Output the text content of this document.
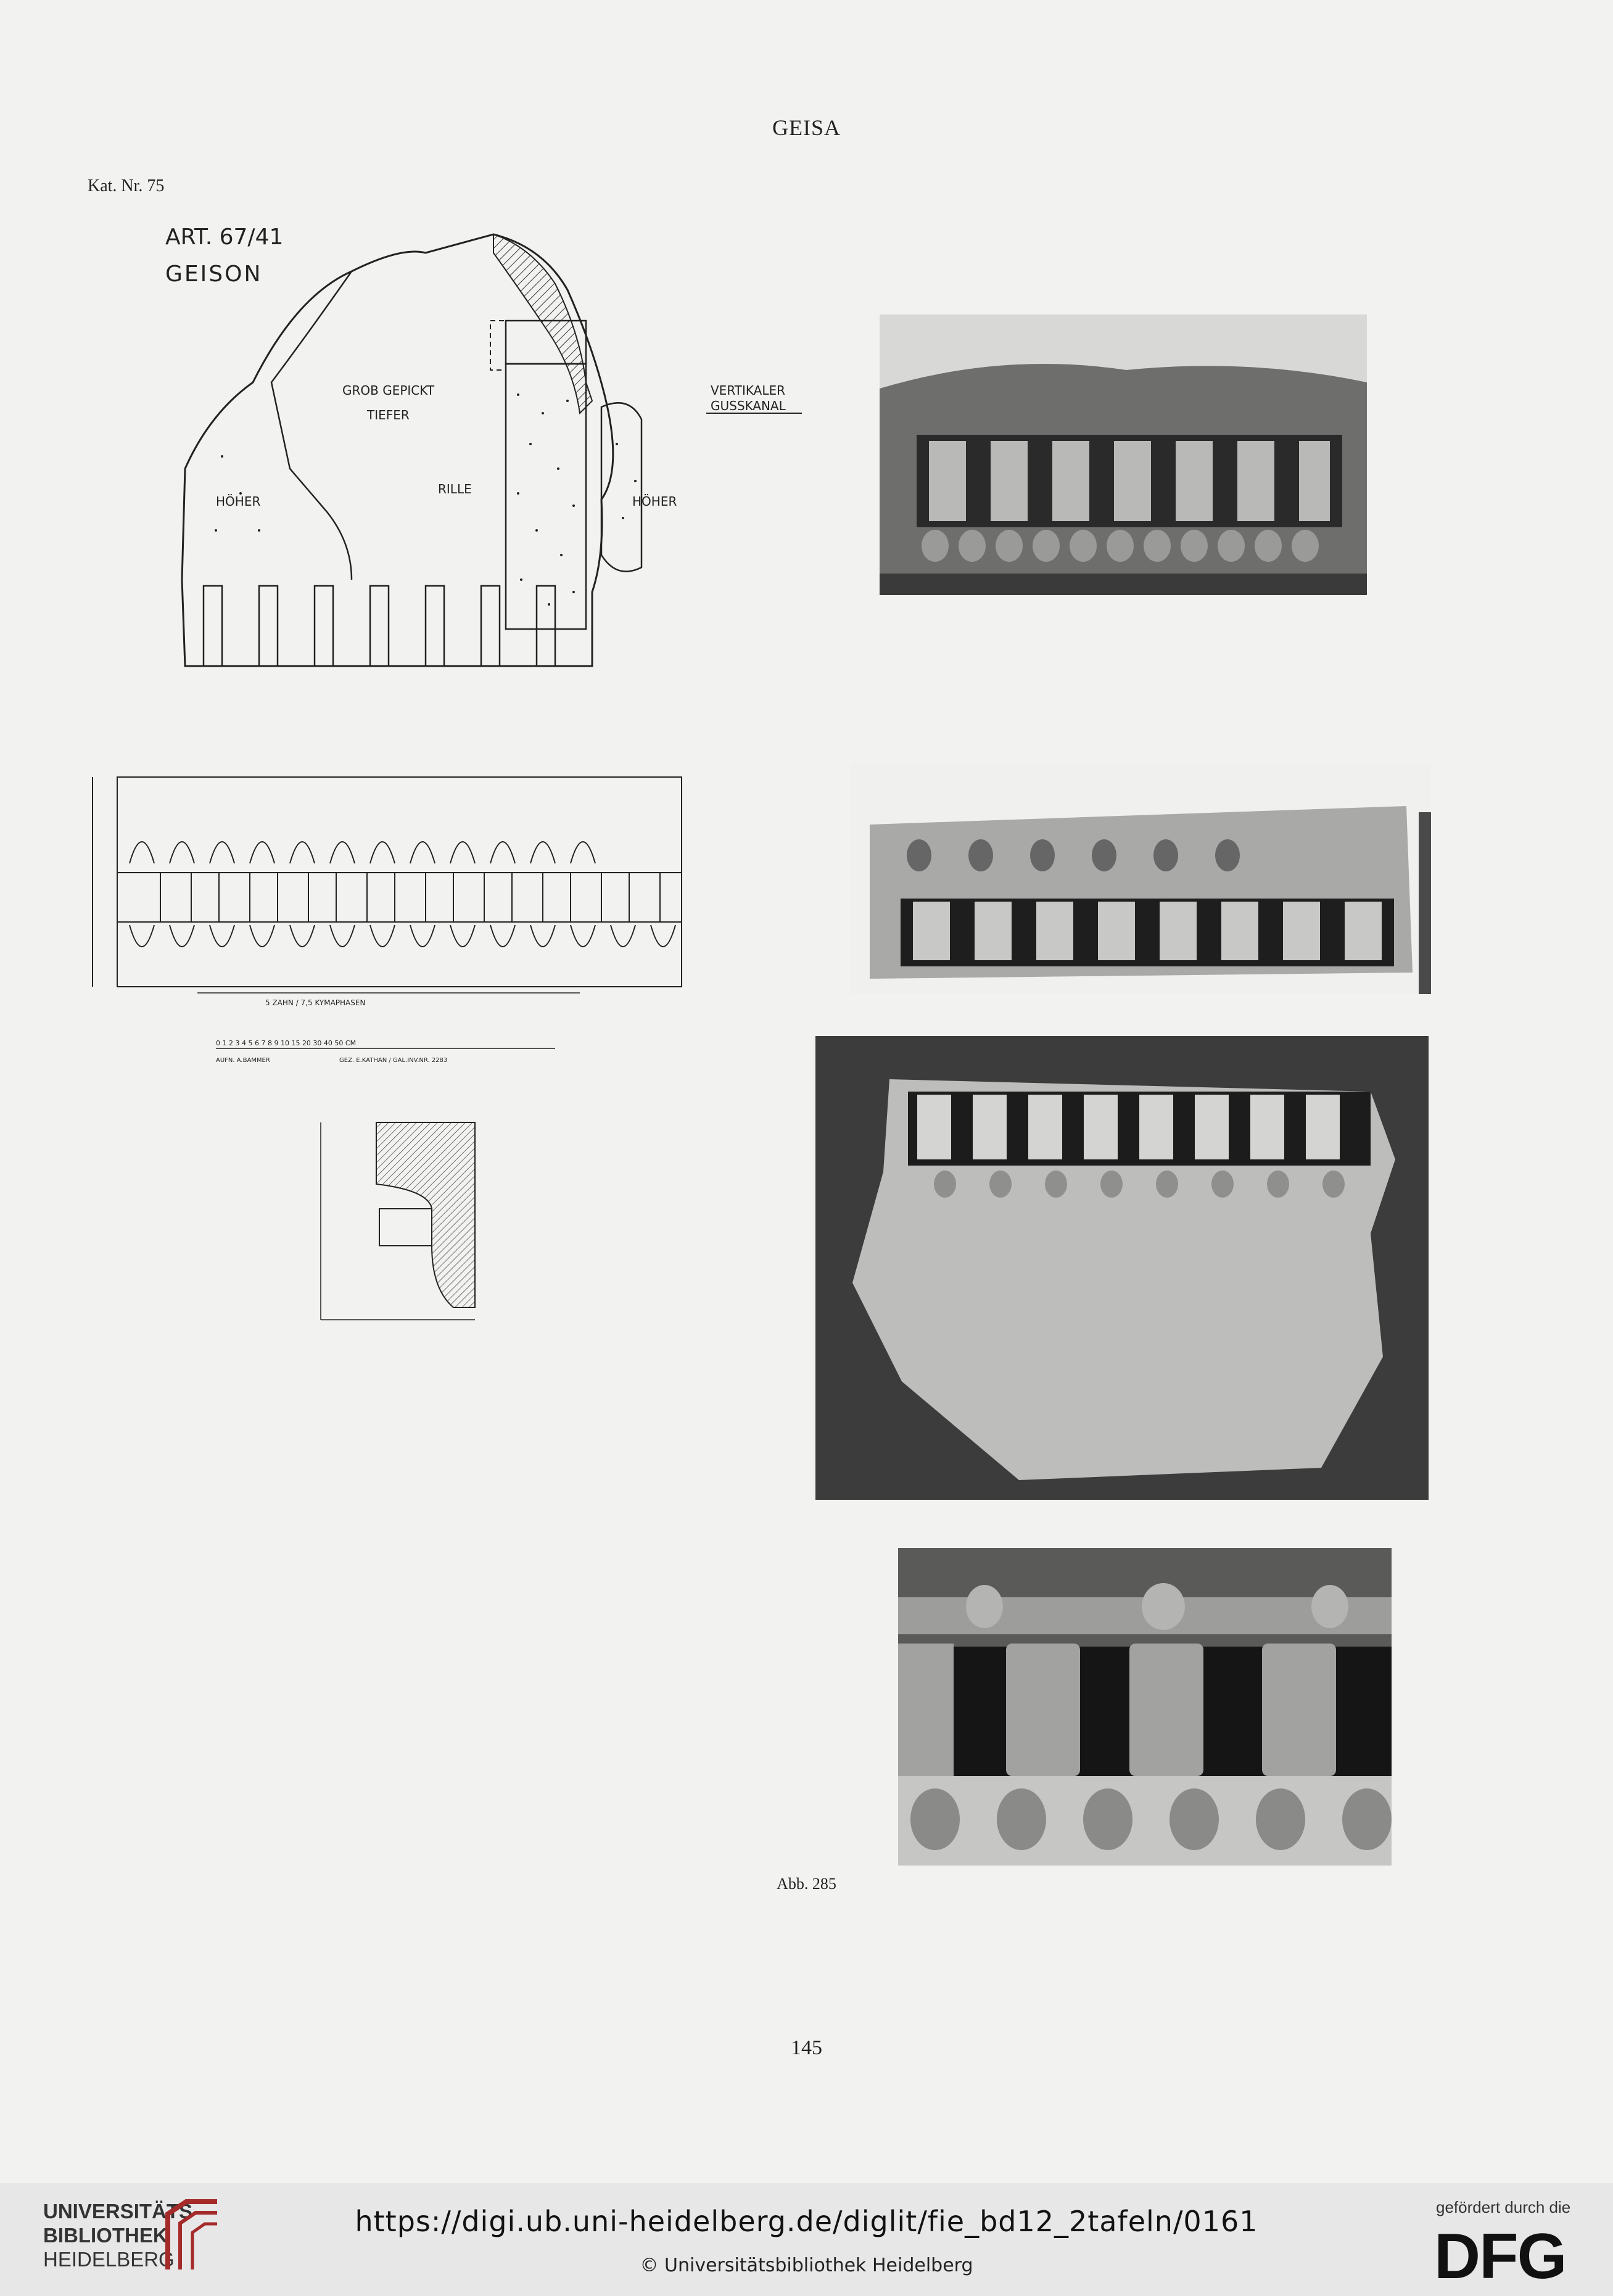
GEISA
Kat. Nr. 75
ART. 67/41
GEISON
GROB GEPICKT
TIEFER
VERTIKALER
GUSSKANAL
HÖHER	HÖHER
RILLE
5 ZAHN / 7,5 KYMAPHASEN
0 1 2 3 4 5 6 7 8 9 10 15 20 30 40 50 CM
AUFN. A.BAMMER	GEZ. E.KATHAN / GAL.INV.NR. 2283
Abb. 285
145
UNIVERSITÄTS-
BIBLIOTHEK
HEIDELBERG
https://digi.ub.uni-heidelberg.de/diglit/fie_bd12_2tafeln/0161
© Universitätsbibliothek Heidelberg
gefördert durch die
DFG
